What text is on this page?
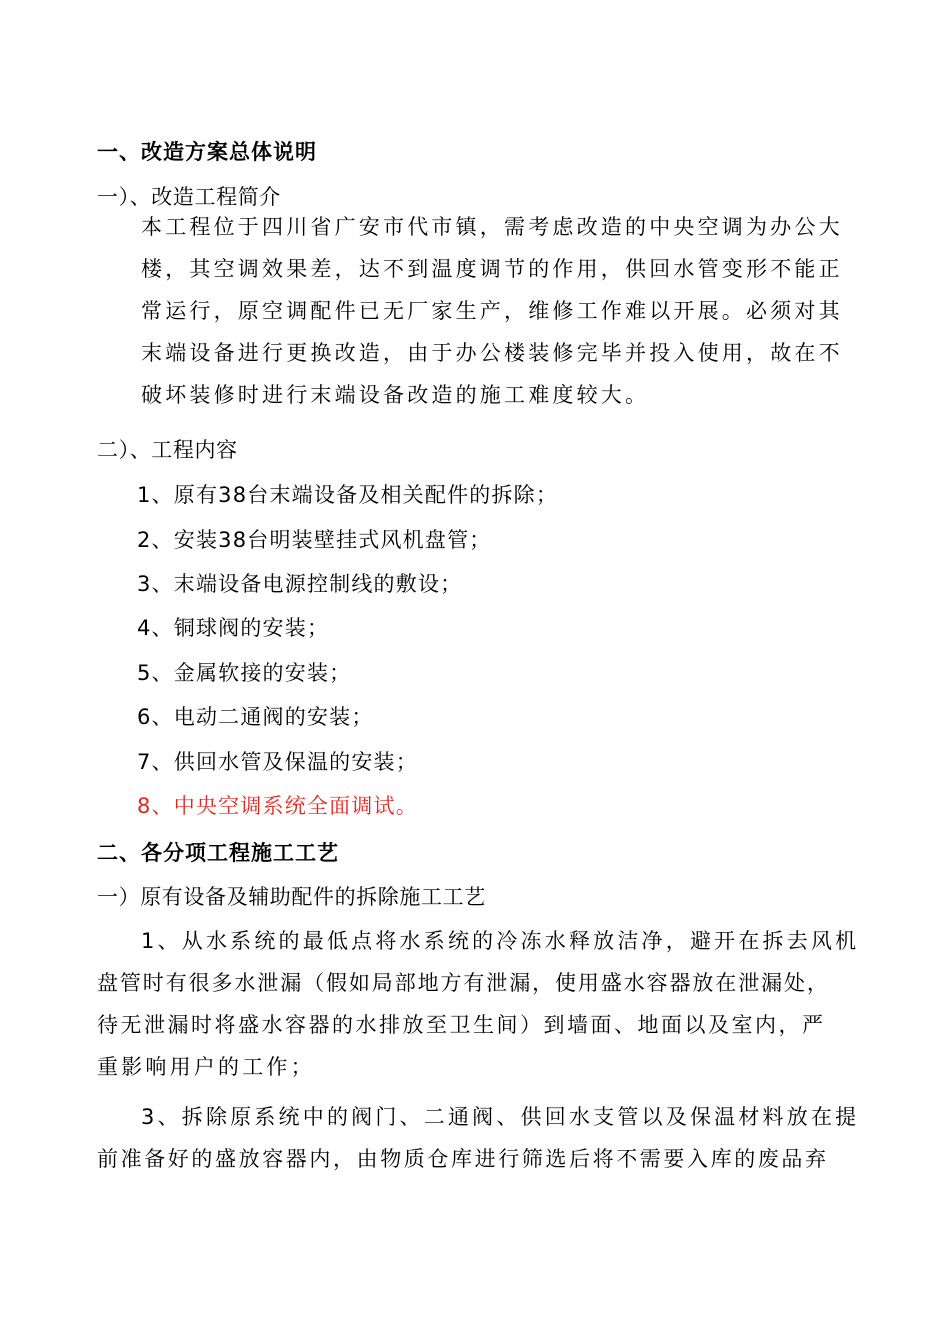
一、改造方案总体说明
一）、改造工程简介
本工程位于四川省广安市代市镇，需考虑改造的中央空调为办公大
楼，其空调效果差，达不到温度调节的作用，供回水管变形不能正
常运行，原空调配件已无厂家生产，维修工作难以开展。必须对其
末端设备进行更换改造，由于办公楼装修完毕并投入使用，故在不
破坏装修时进行末端设备改造的施工难度较大。
二）、工程内容
1、原有38台末端设备及相关配件的拆除；
2、安装38台明装壁挂式风机盘管；
3、末端设备电源控制线的敷设；
4、铜球阀的安装；
5、金属软接的安装；
6、电动二通阀的安装；
7、供回水管及保温的安装；
8、中央空调系统全面调试。
二、各分项工程施工工艺
一）原有设备及辅助配件的拆除施工工艺
1、从水系统的最低点将水系统的冷冻水释放洁净，避开在拆去风机
盘管时有很多水泄漏（假如局部地方有泄漏，使用盛水容器放在泄漏处，
待无泄漏时将盛水容器的水排放至卫生间）到墙面、地面以及室内，严
重影响用户的工作；
3、拆除原系统中的阀门、二通阀、供回水支管以及保温材料放在提
前准备好的盛放容器内，由物质仓库进行筛选后将不需要入库的废品弃
